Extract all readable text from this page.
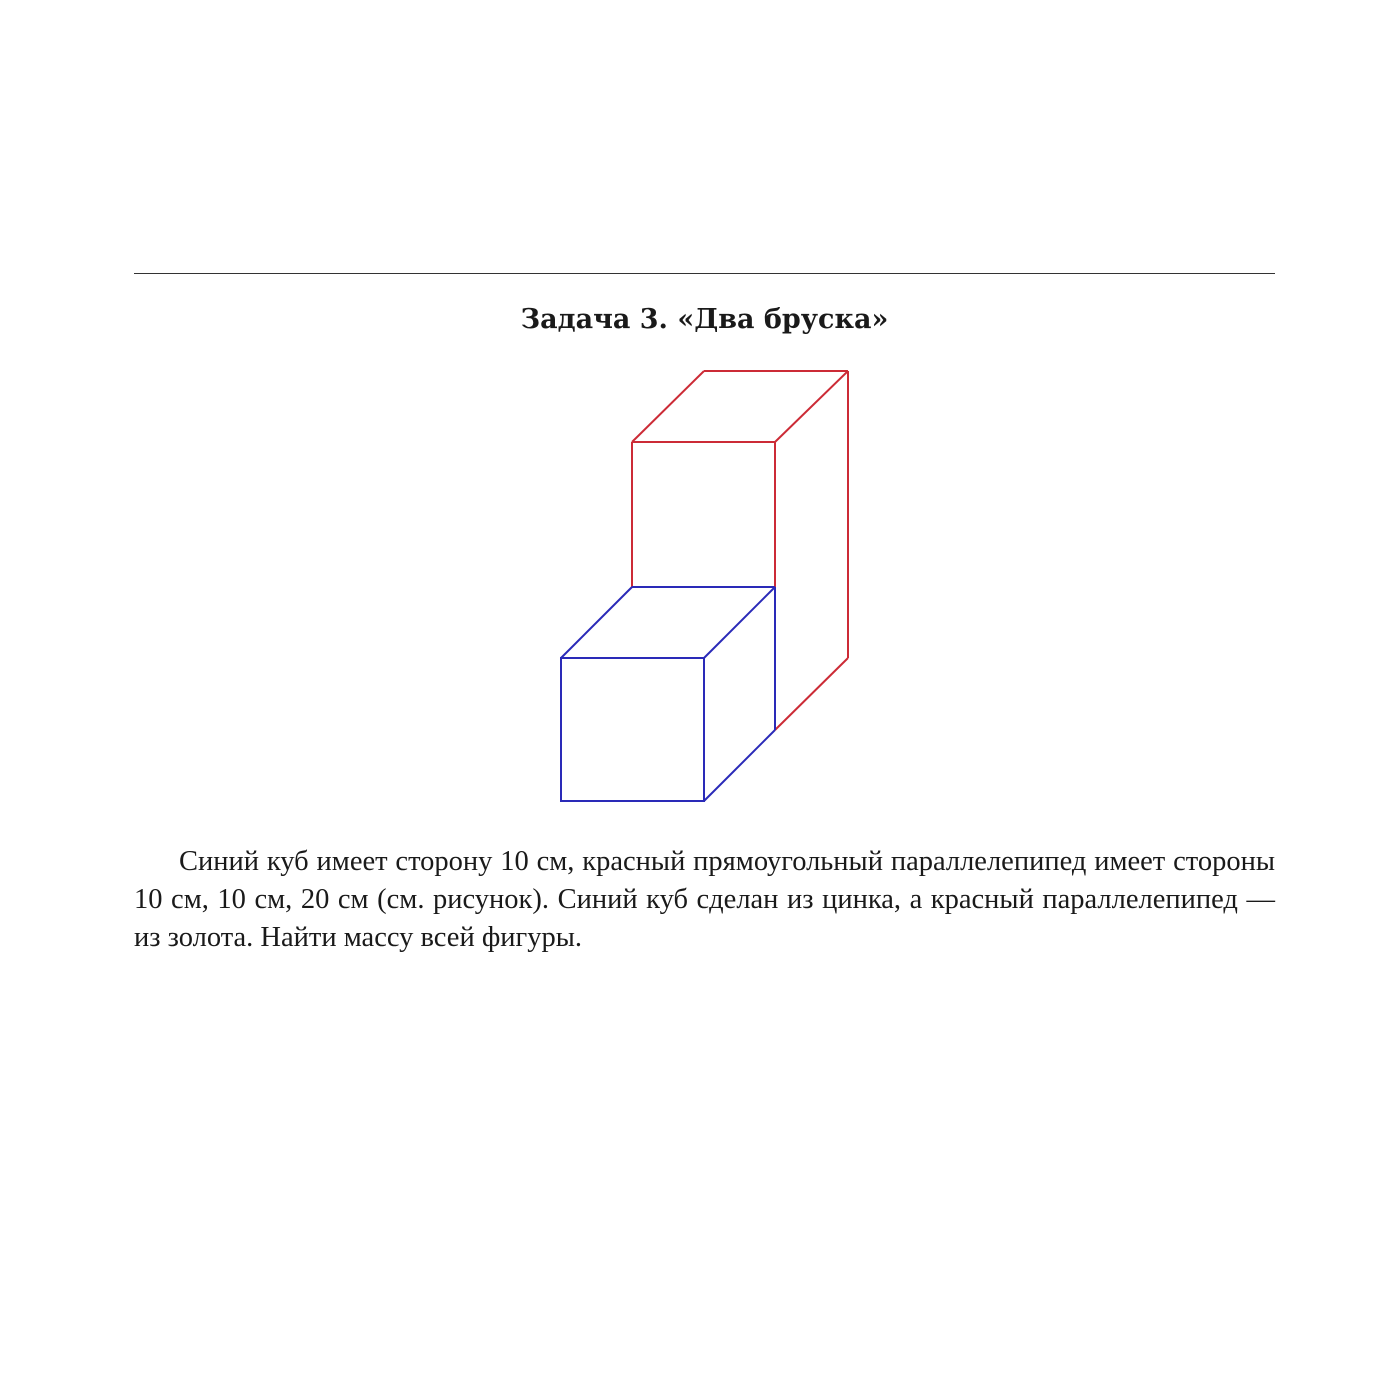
Задача 3. «Два бруска»

Синий куб имеет сторону 10 см, красный прямоугольный параллелепипед имеет стороны 10 см, 10 см, 20 см (см. рисунок). Синий куб сделан из цинка, а красный параллелепипед — из золота. Найти массу всей фигуры.
